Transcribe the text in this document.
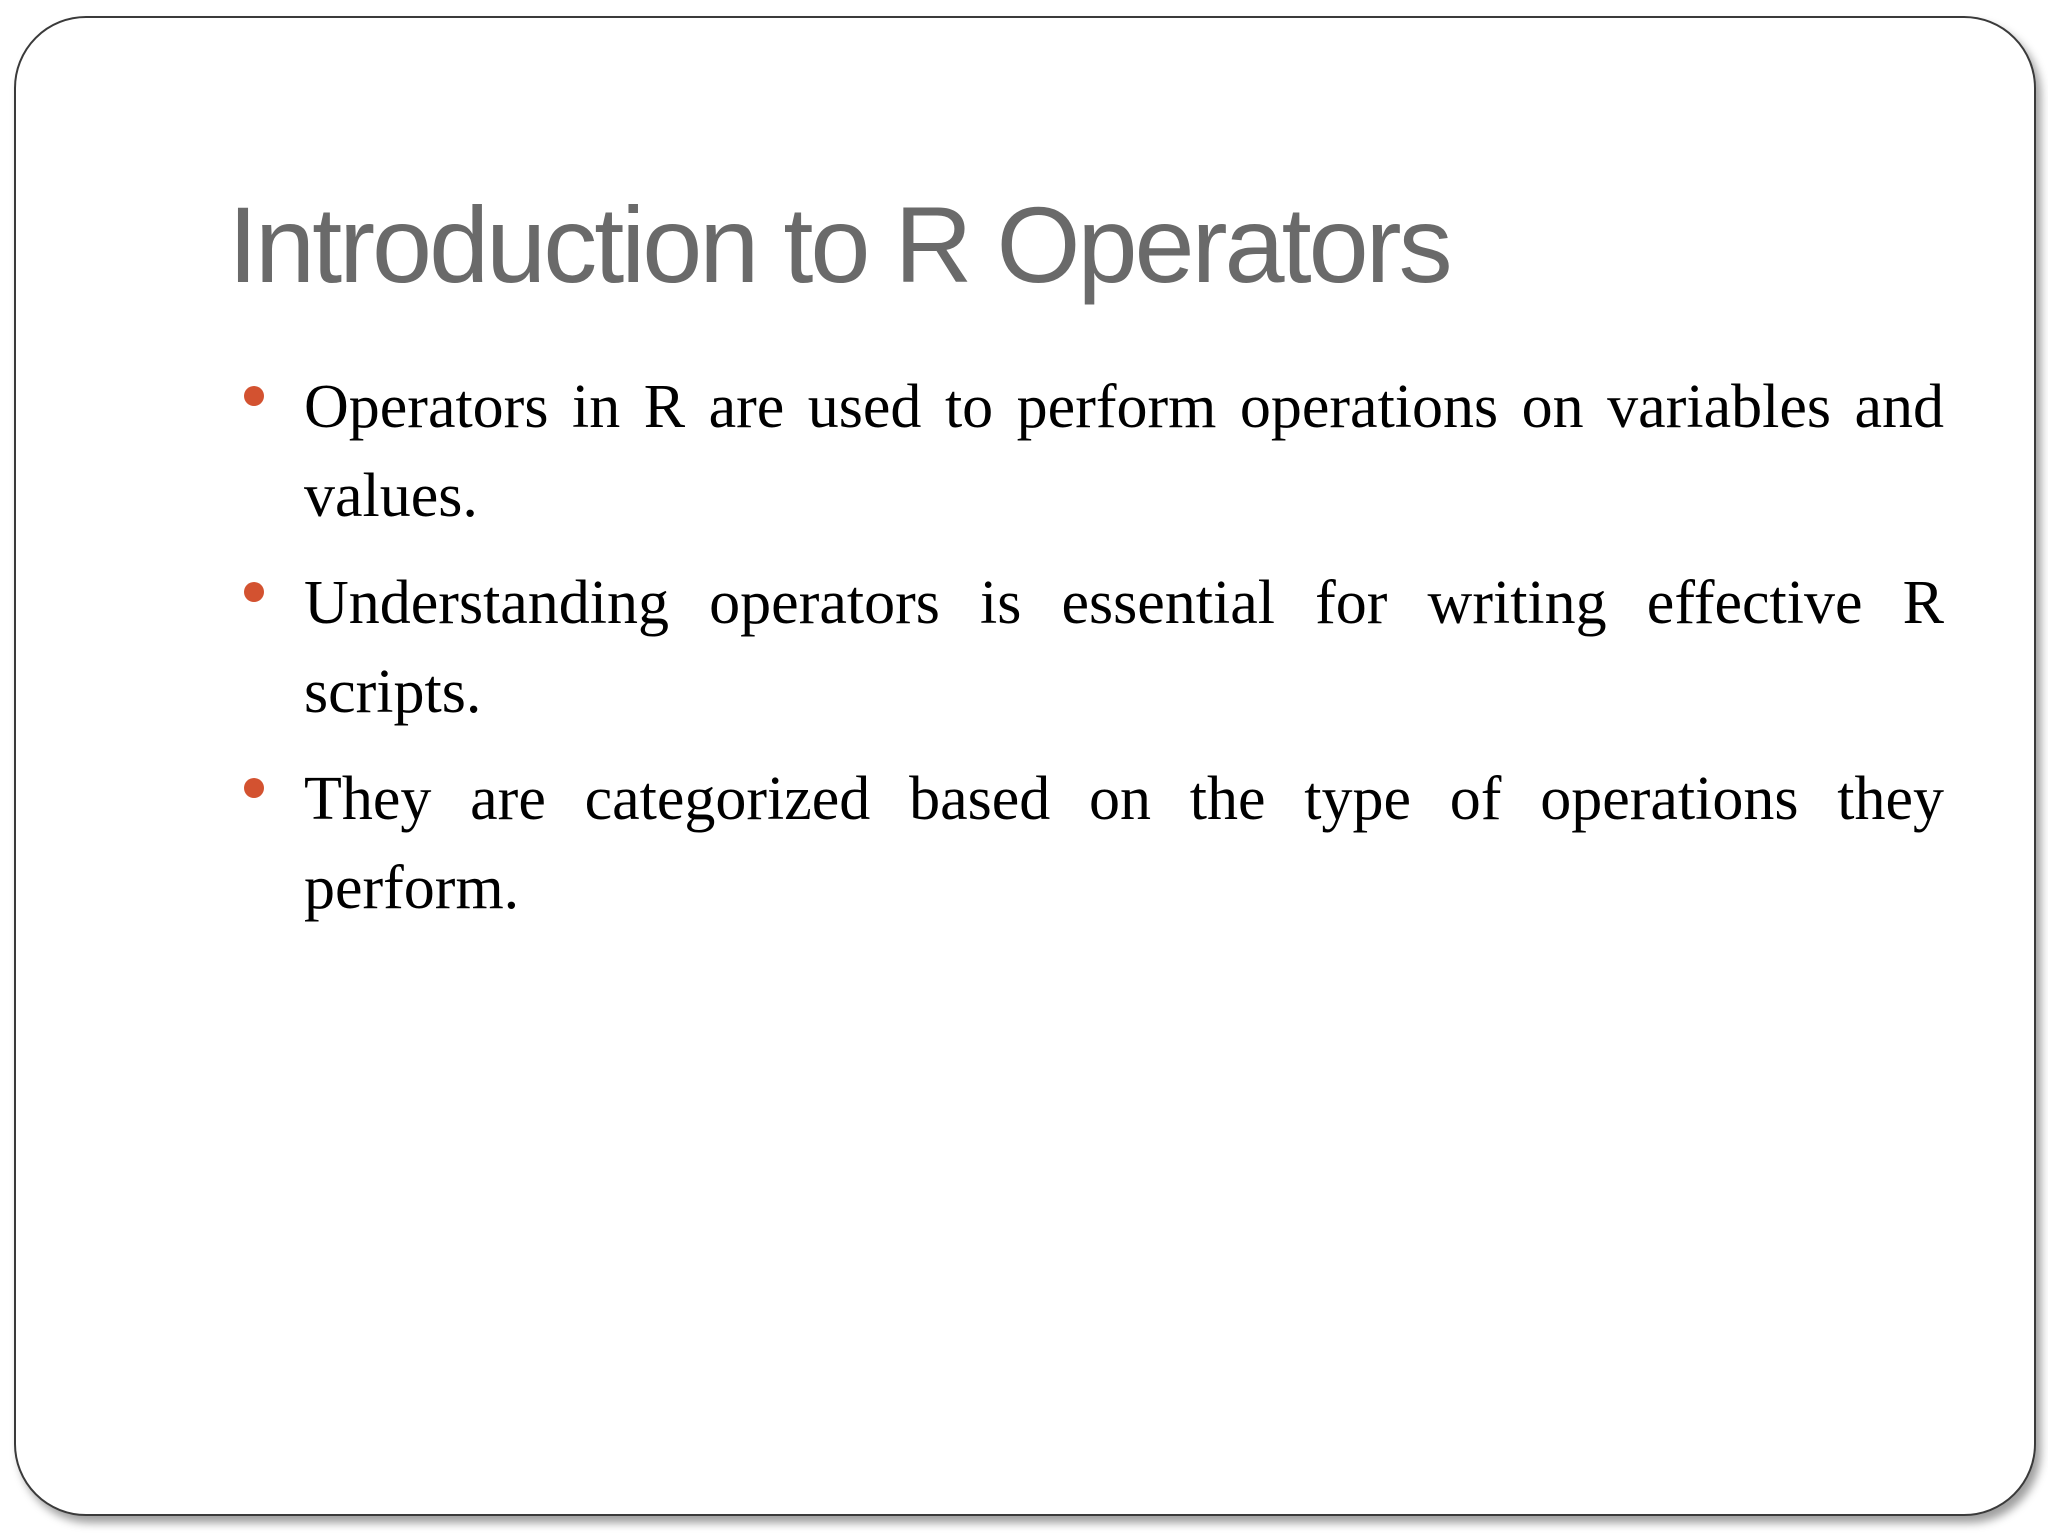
Introduction to R Operators
Operators in R are used to perform operations on variables and values.
Understanding operators is essential for writing effective R scripts.
They are categorized based on the type of operations they perform.
